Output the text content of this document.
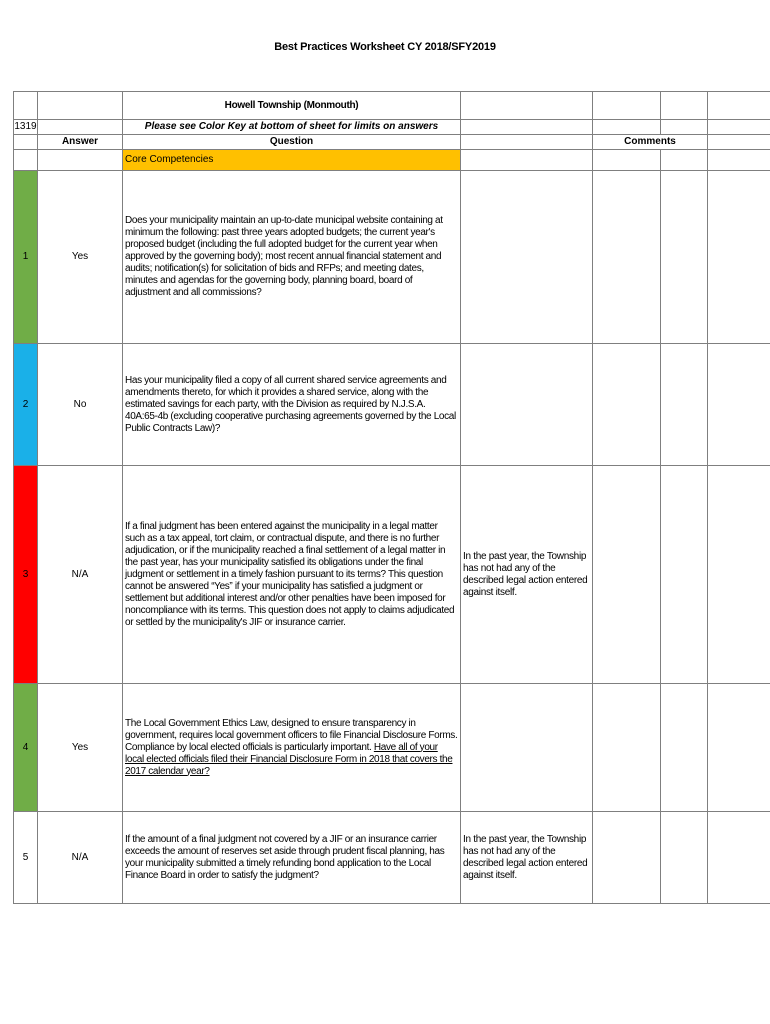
Best Practices Worksheet CY 2018/SFY2019
		Howell Township (Monmouth)				
1319		Please see Color Key at bottom of sheet for limits on answers				
	Answer	Question		Comments		
		Core Competencies				
1	Yes	Does your municipality maintain an up-to-date municipal website containing at minimum the following: past three years adopted budgets; the current year's proposed budget (including the full adopted budget for the current year when approved by the governing body); most recent annual financial statement and audits; notification(s) for solicitation of bids and RFPs; and meeting dates, minutes and agendas for the governing body, planning board, board of adjustment and all commissions?				
2	No	Has your municipality filed a copy of all current shared service agreements and amendments thereto, for which it provides a shared service, along with the estimated savings for each party, with the Division as required by N.J.S.A. 40A:65-4b (excluding cooperative purchasing agreements governed by the Local Public Contracts Law)?				
3	N/A	If a final judgment has been entered against the municipality in a legal matter such as a tax appeal, tort claim, or contractual dispute, and there is no further adjudication, or if the municipality reached a final settlement of a legal matter in the past year, has your municipality satisfied its obligations under the final judgment or settlement in a timely fashion pursuant to its terms? This question cannot be answered “Yes” if your municipality has satisfied a judgment or settlement but additional interest and/or other penalties have been imposed for noncompliance with its terms. This question does not apply to claims adjudicated or settled by the municipality's JIF or insurance carrier.	In the past year, the Township has not had any of the described legal action entered against itself.			
4	Yes	The Local Government Ethics Law, designed to ensure transparency in government, requires local government officers to file Financial Disclosure Forms. Compliance by local elected officials is particularly important. Have all of your local elected officials filed their Financial Disclosure Form in 2018 that covers the 2017 calendar year?				
5	N/A	If the amount of a final judgment not covered by a JIF or an insurance carrier exceeds the amount of reserves set aside through prudent fiscal planning, has your municipality submitted a timely refunding bond application to the Local Finance Board in order to satisfy the judgment?	In the past year, the Township has not had any of the described legal action entered against itself.			
